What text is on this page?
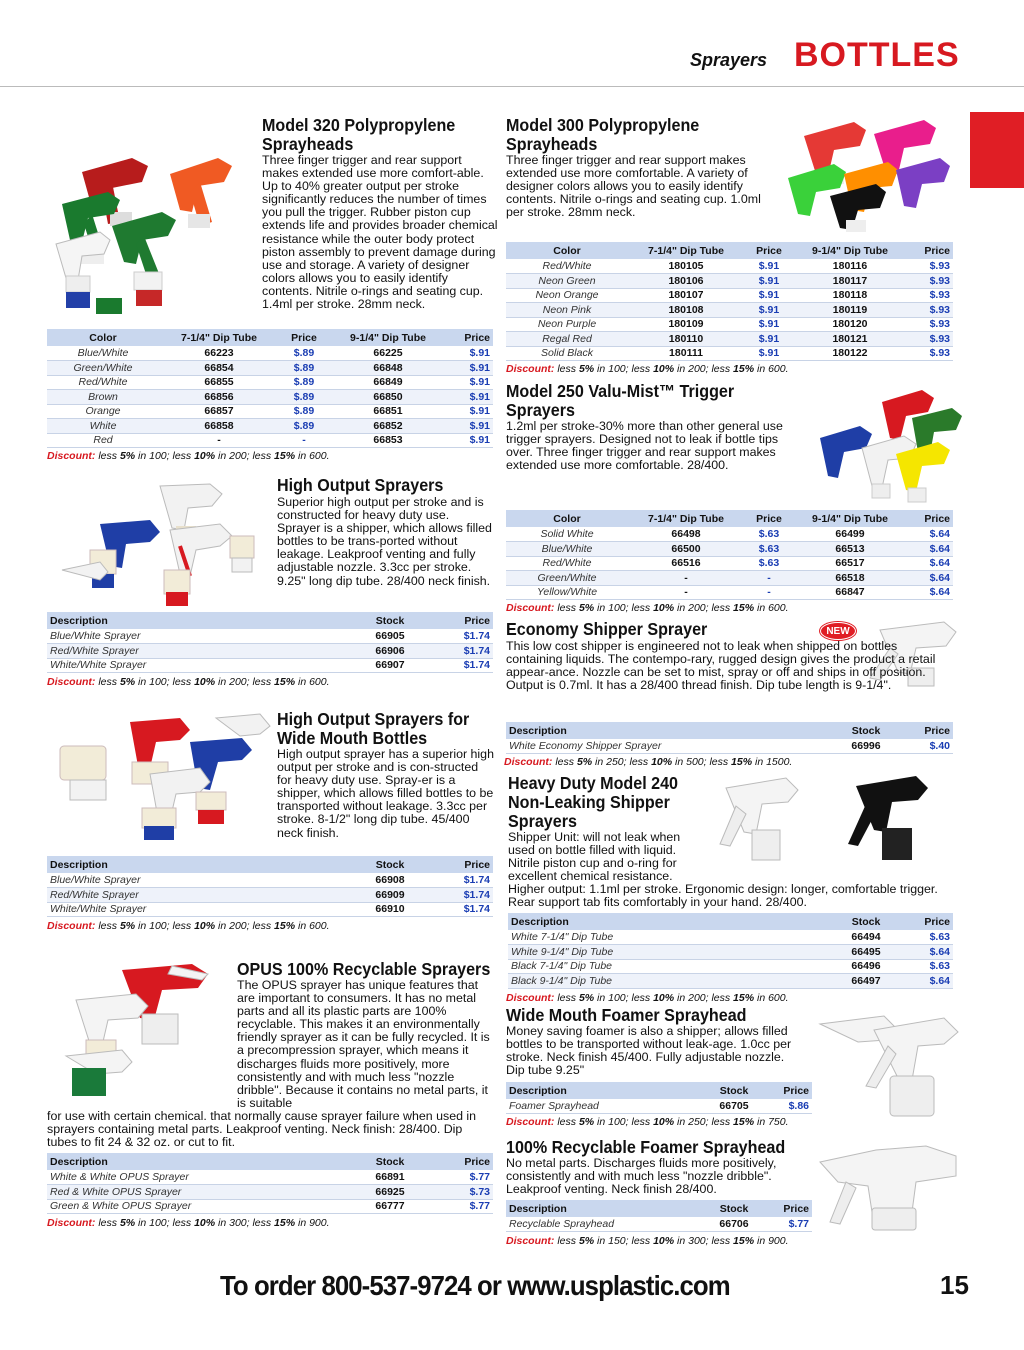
Sprayers BOTTLES
Model 320 Polypropylene
Sprayheads
Three finger trigger and rear support makes extended use more comfort-able. Up to 40% greater output per stroke significantly reduces the number of times you pull the trigger. Rubber piston cup extends life and provides broader chemical resistance while the outer body protect piston assembly to prevent damage during use and storage. A variety of designer colors allows you to easily identify contents. Nitrile o-rings and seating cup. 1.4ml per stroke. 28mm neck.
Color	7-1/4" Dip Tube	Price	9-1/4" Dip Tube	Price
Blue/White	66223	$.89	66225	$.91
Green/White	66854	$.89	66848	$.91
Red/White	66855	$.89	66849	$.91
Brown	66856	$.89	66850	$.91
Orange	66857	$.89	66851	$.91
White	66858	$.89	66852	$.91
Red	-	-	66853	$.91
Discount: less 5% in 100; less 10% in 200; less 15% in 600.
Model 300 Polypropylene
Sprayheads
Three finger trigger and rear support makes extended use more comfortable. A variety of designer colors allows you to easily identify contents. Nitrile o-rings and seating cup. 1.0ml per stroke. 28mm neck.
Color	7-1/4" Dip Tube	Price	9-1/4" Dip Tube	Price
Red/White	180105	$.91	180116	$.93
Neon Green	180106	$.91	180117	$.93
Neon Orange	180107	$.91	180118	$.93
Neon Pink	180108	$.91	180119	$.93
Neon Purple	180109	$.91	180120	$.93
Regal Red	180110	$.91	180121	$.93
Solid Black	180111	$.91	180122	$.93
Discount: less 5% in 100; less 10% in 200; less 15% in 600.
High Output Sprayers
Superior high output per stroke and is constructed for heavy duty use. Sprayer is a shipper, which allows filled bottles to be trans-ported without leakage. Leakproof venting and fully adjustable nozzle. 3.3cc per stroke. 9.25" long dip tube. 28/400 neck finish.
Description	Stock	Price
Blue/White Sprayer	66905	$1.74
Red/White Sprayer	66906	$1.74
White/White Sprayer	66907	$1.74
Discount: less 5% in 100; less 10% in 200; less 15% in 600.
Model 250 Valu-Mist™ Trigger
Sprayers
1.2ml per stroke-30% more than other general use trigger sprayers. Designed not to leak if bottle tips over. Three finger trigger and rear support makes extended use more comfortable. 28/400.
Color	7-1/4" Dip Tube	Price	9-1/4" Dip Tube	Price
Solid White	66498	$.63	66499	$.64
Blue/White	66500	$.63	66513	$.64
Red/White	66516	$.63	66517	$.64
Green/White	-	-	66518	$.64
Yellow/White	-	-	66847	$.64
Discount: less 5% in 100; less 10% in 200; less 15% in 600.
Economy Shipper Sprayer	NEW
This low cost shipper is engineered not to leak when shipped on bottles containing liquids. The contempo-rary, rugged design gives the product a retail appear-ance. Nozzle can be set to mist, spray or off and ships in off position. Output is 0.7ml. It has a 28/400 thread finish. Dip tube length is 9-1/4".
Description	Stock	Price
White Economy Shipper Sprayer	66996	$.40
Discount: less 5% in 250; less 10% in 500; less 15% in 1500.
High Output Sprayers for
Wide Mouth Bottles
High output sprayer has a superior high output per stroke and is con-structed for heavy duty use. Spray-er is a shipper, which allows filled bottles to be transported without leakage. 3.3cc per stroke. 8-1/2" long dip tube. 45/400 neck finish.
Description	Stock	Price
Blue/White Sprayer	66908	$1.74
Red/White Sprayer	66909	$1.74
White/White Sprayer	66910	$1.74
Discount: less 5% in 100; less 10% in 200; less 15% in 600.
Heavy Duty Model 240
Non-Leaking Shipper
Sprayers
Shipper Unit: will not leak when used on bottle filled with liquid. Nitrile piston cup and o-ring for excellent chemical resistance.
Higher output: 1.1ml per stroke. Ergonomic design: longer, comfortable trigger. Rear support tab fits comfortably in your hand. 28/400.
Description	Stock	Price
White 7-1/4" Dip Tube	66494	$.63
White 9-1/4" Dip Tube	66495	$.64
Black 7-1/4" Dip Tube	66496	$.63
Black 9-1/4" Dip Tube	66497	$.64
Discount: less 5% in 100; less 10% in 200; less 15% in 600.
OPUS 100% Recyclable Sprayers
The OPUS sprayer has unique features that are important to consumers. It has no metal parts and all its plastic parts are 100% recyclable. This makes it an environmentally friendly sprayer as it can be fully recycled. It is a precompression sprayer, which means it discharges fluids more positively, more consistently and with much less "nozzle dribble". Because it contains no metal parts, it is suitable
for use with certain chemical. that normally cause sprayer failure when used in sprayers containing metal parts. Leakproof venting. Neck finish: 28/400. Dip tubes to fit 24 & 32 oz. or cut to fit.
Description	Stock	Price
White & White OPUS Sprayer	66891	$.77
Red & White OPUS Sprayer	66925	$.73
Green & White OPUS Sprayer	66777	$.77
Discount: less 5% in 100; less 10% in 300; less 15% in 900.
Wide Mouth Foamer Sprayhead
Money saving foamer is also a shipper; allows filled bottles to be transported without leak-age. 1.0cc per stroke. Neck finish 45/400. Fully adjustable nozzle. Dip tube 9.25"
Description	Stock	Price
Foamer Sprayhead	66705	$.86
Discount: less 5% in 100; less 10% in 250; less 15% in 750.
100% Recyclable Foamer Sprayhead
No metal parts. Discharges fluids more positively, consistently and with much less "nozzle dribble". Leakproof venting. Neck finish 28/400.
Description	Stock	Price
Recyclable Sprayhead	66706	$.77
Discount: less 5% in 150; less 10% in 300; less 15% in 900.
To order 800-537-9724 or www.usplastic.com	15
